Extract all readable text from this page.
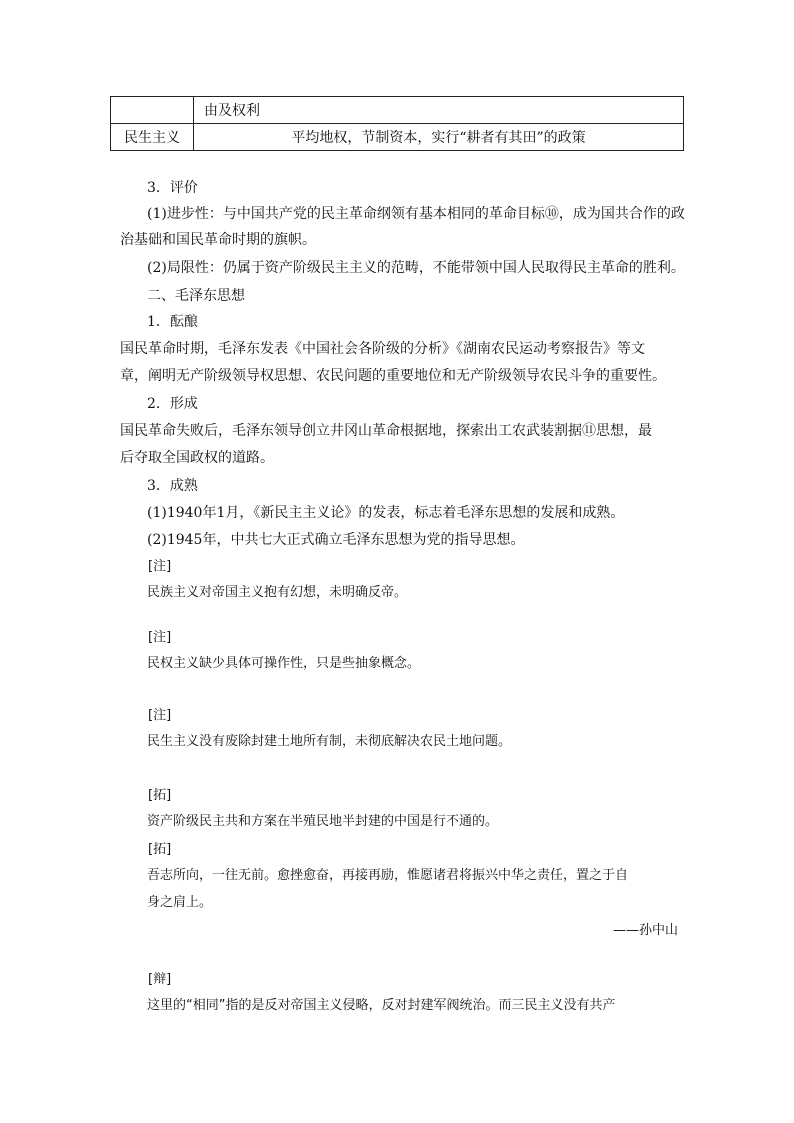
	由及权利
民生主义	平均地权，节制资本，实行“耕者有其田”的政策
3．评价
(1)进步性：与中国共产党的民主革命纲领有基本相同的革命目标⑩，成为国共合作的政
治基础和国民革命时期的旗帜。
(2)局限性：仍属于资产阶级民主主义的范畴，不能带领中国人民取得民主革命的胜利。
二、毛泽东思想
1．酝酿
国民革命时期，毛泽东发表《中国社会各阶级的分析》《湖南农民运动考察报告》等文
章，阐明无产阶级领导权思想、农民问题的重要地位和无产阶级领导农民斗争的重要性。
2．形成
国民革命失败后，毛泽东领导创立井冈山革命根据地，探索出工农武装割据⑪思想，最
后夺取全国政权的道路。
3．成熟
(1)1940年1月，《新民主主义论》的发表，标志着毛泽东思想的发展和成熟。
(2)1945年，中共七大正式确立毛泽东思想为党的指导思想。
[注]
民族主义对帝国主义抱有幻想，未明确反帝。
[注]
民权主义缺少具体可操作性，只是些抽象概念。
[注]
民生主义没有废除封建土地所有制，未彻底解决农民土地问题。
[拓]
资产阶级民主共和方案在半殖民地半封建的中国是行不通的。
[拓]
吾志所向，一往无前。愈挫愈奋，再接再励，惟愿诸君将振兴中华之责任，置之于自
身之肩上。
——孙中山
[辩]
这里的“相同”指的是反对帝国主义侵略，反对封建军阀统治。而三民主义没有共产
